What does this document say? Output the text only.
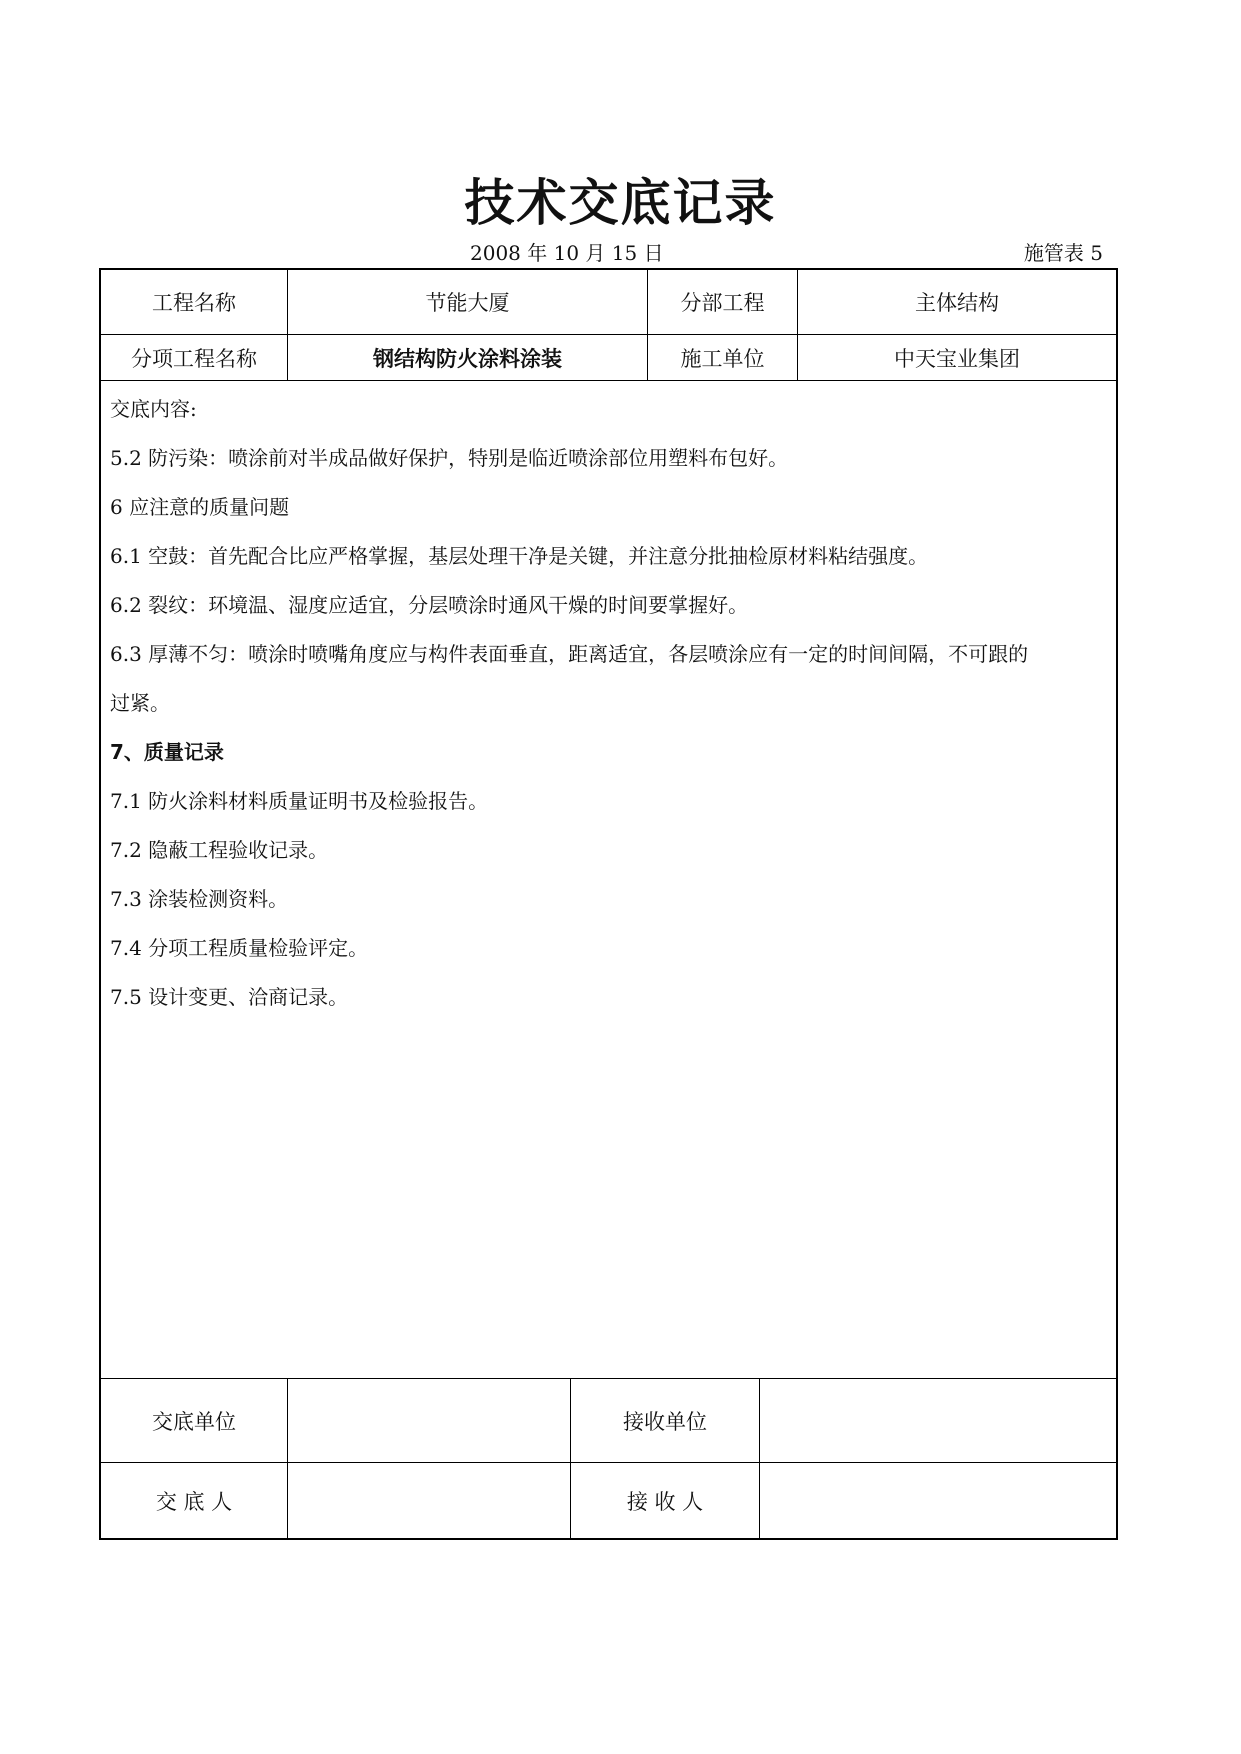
技术交底记录
2008 年 10 月 15 日	施管表 5
工程名称	节能大厦	分部工程	主体结构
分项工程名称	钢结构防火涂料涂装	施工单位	中天宝业集团
交底内容:
5.2 防污染：喷涂前对半成品做好保护，特别是临近喷涂部位用塑料布包好。
6 应注意的质量问题
6.1 空鼓：首先配合比应严格掌握，基层处理干净是关键，并注意分批抽检原材料粘结强度。
6.2 裂纹：环境温、湿度应适宜，分层喷涂时通风干燥的时间要掌握好。
6.3 厚薄不匀：喷涂时喷嘴角度应与构件表面垂直，距离适宜，各层喷涂应有一定的时间间隔，不可跟的
过紧。
7、质量记录
7.1 防火涂料材料质量证明书及检验报告。
7.2 隐蔽工程验收记录。
7.3 涂装检测资料。
7.4 分项工程质量检验评定。
7.5 设计变更、洽商记录。
交底单位	接收单位
交 底 人	接 收 人
